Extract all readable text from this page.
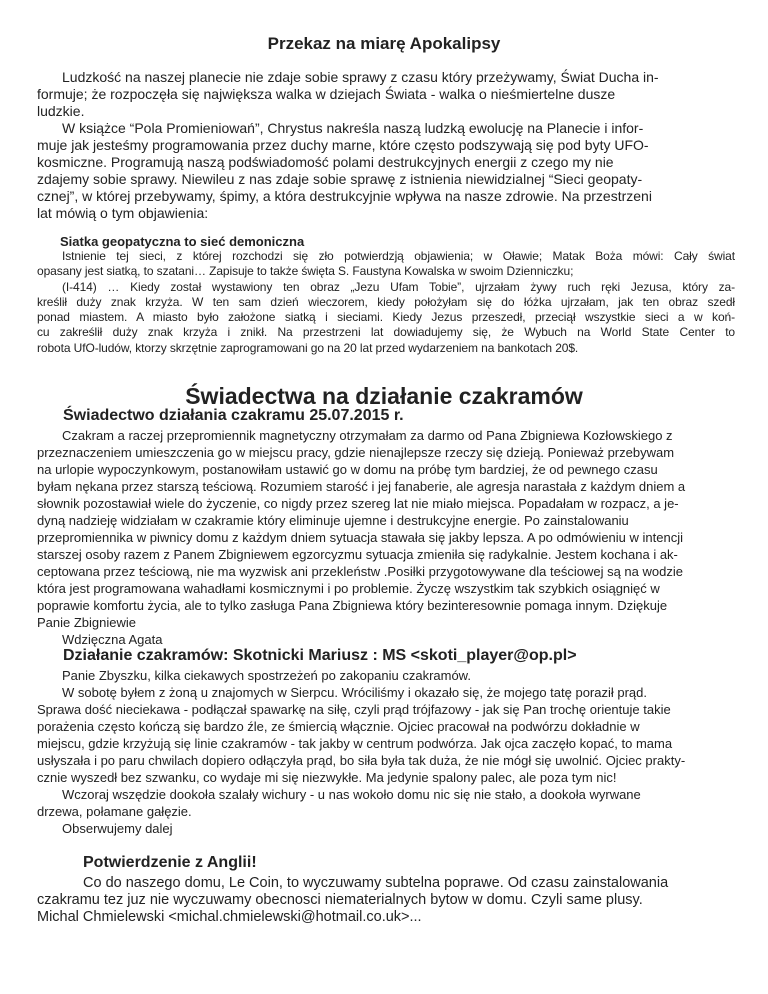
Przekaz na miarę Apokalipsy
Ludzkość na naszej planecie nie zdaje sobie sprawy z czasu który przeżywamy, Świat Ducha in-
formuje; że rozpoczęła się największa walka w dziejach Świata - walka o nieśmiertelne dusze
ludzkie.
W książce “Pola Promieniowań”, Chrystus nakreśla naszą ludzką ewolucję na Planecie i infor-
muje jak jesteśmy programowania przez duchy marne, które często podszywają się pod byty UFO-
kosmiczne. Programują naszą podświadomość polami destrukcyjnych energii z czego my nie
zdajemy sobie sprawy. Niewileu z nas zdaje sobie sprawę z istnienia niewidzialnej “Sieci geopaty-
cznej”, w której przebywamy, śpimy, a która destrukcyjnie wpływa na nasze zdrowie. Na przestrzeni
lat mówią o tym objawienia:
Siatka geopatyczna to sieć demoniczna
Istnienie tej sieci, z której rozchodzi się zło potwierdzją objawienia; w Oławie; Matak Boża mówi: Cały świat
opasany jest siatką, to szatani… Zapisuje to także święta S. Faustyna Kowalska w swoim Dzienniczku;
(I-414) … Kiedy został wystawiony ten obraz „Jezu Ufam Tobie”, ujrzałam żywy ruch ręki Jezusa, który za-
kreślił duży znak krzyża. W ten sam dzień wieczorem, kiedy położyłam się do łóżka ujrzałam, jak ten obraz szedł
ponad miastem. A miasto było założone siatką i sieciami. Kiedy Jezus przeszedł, przeciął wszystkie sieci a w koń-
cu zakreślił duży znak krzyża i znikł. Na przestrzeni lat dowiadujemy się, że Wybuch na World State Center to
robota UfO-ludów, ktorzy skrzętnie zaprogramowani go na 20 lat przed wydarzeniem na bankotach 20$.
Świadectwa na działanie czakramów
Świadectwo działania czakramu 25.07.2015 r.
Czakram a raczej przepromiennik magnetyczny otrzymałam za darmo od Pana Zbigniewa Kozłowskiego z
przeznaczeniem umieszczenia go w miejscu pracy, gdzie nienajlepsze rzeczy się dzieją. Ponieważ przebywam
na urlopie wypoczynkowym, postanowiłam ustawić go w domu na próbę tym bardziej, że od pewnego czasu
byłam nękana przez starszą teściową. Rozumiem starość i jej fanaberie, ale agresja narastała z każdym dniem a
słownik pozostawiał wiele do życzenie, co nigdy przez szereg lat nie miało miejsca. Popadałam w rozpacz, a je-
dyną nadzieję widziałam w czakramie który eliminuje ujemne i destrukcyjne energie. Po zainstalowaniu
przepromiennika w piwnicy domu z każdym dniem sytuacja stawała się jakby lepsza. A po odmówieniu w intencji
starszej osoby razem z Panem Zbigniewem egzorcyzmu sytuacja zmieniła się radykalnie. Jestem kochana i ak-
ceptowana przez teściową, nie ma wyzwisk ani przekleństw .Posiłki przygotowywane dla teściowej są na wodzie
która jest programowana wahadłami kosmicznymi i po problemie. Życzę wszystkim tak szybkich osiągnięć w
poprawie komfortu życia, ale to tylko zasługa Pana Zbigniewa który bezinteresownie pomaga innym. Dziękuje
Panie Zbigniewie
Wdzięczna Agata
Działanie czakramów: Skotnicki Mariusz : MS <skoti_player@op.pl>
Panie Zbyszku, kilka ciekawych spostrzeżeń po zakopaniu czakramów.
W sobotę byłem z żoną u znajomych w Sierpcu. Wróciliśmy i okazało się, że mojego tatę poraził prąd.
Sprawa dość nieciekawa - podłączał spawarkę na siłę, czyli prąd trójfazowy - jak się Pan trochę orientuje takie
porażenia często kończą się bardzo źle, ze śmiercią włącznie. Ojciec pracował na podwórzu dokładnie w
miejscu, gdzie krzyżują się linie czakramów - tak jakby w centrum podwórza. Jak ojca zaczęło kopać, to mama
usłyszała i po paru chwilach dopiero odłączyła prąd, bo siła była tak duża, że nie mógł się uwolnić. Ojciec prakty-
cznie wyszedł bez szwanku, co wydaje mi się niezwykłe. Ma jedynie spalony palec, ale poza tym nic!
Wczoraj wszędzie dookoła szalały wichury - u nas wokoło domu nic się nie stało, a dookoła wyrwane
drzewa, połamane gałęzie.
Obserwujemy dalej
Potwierdzenie z Anglii!
Co do naszego domu, Le Coin, to wyczuwamy subtelna poprawe. Od czasu zainstalowania
czakramu tez juz nie wyczuwamy obecnosci niematerialnych bytow w domu. Czyli same plusy.
Michal Chmielewski <michal.chmielewski@hotmail.co.uk>...
